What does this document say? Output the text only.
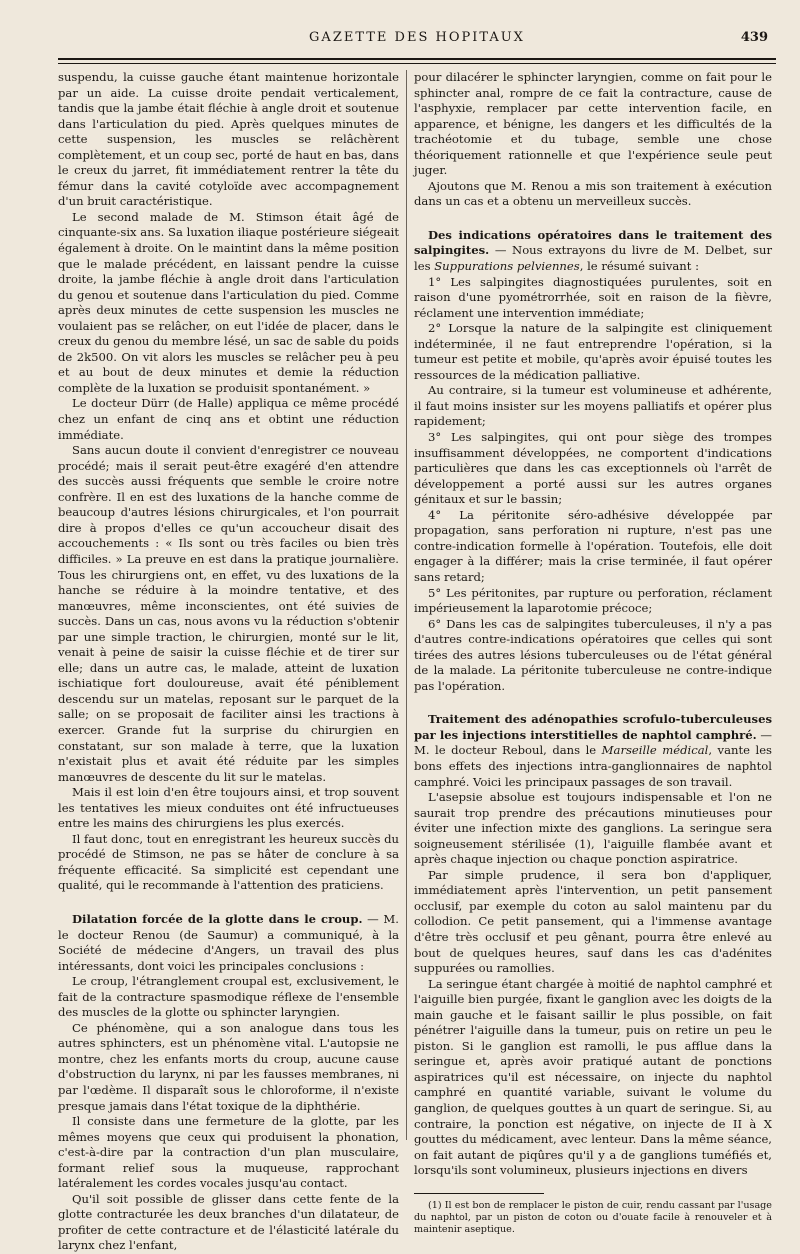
GAZETTE DES HOPITAUX	439

suspendu, la cuisse gauche étant maintenue horizontale par un aide. La cuisse droite pendait verticalement, tandis que la jambe était fléchie à angle droit et soutenue dans l'articulation du pied. Après quelques minutes de cette suspension, les muscles se relâchèrent complètement, et un coup sec, porté de haut en bas, dans le creux du jarret, fit immédiatement rentrer la tête du fémur dans la cavité cotyloïde avec accompagnement d'un bruit caractéristique.

Le second malade de M. Stimson était âgé de cinquante-six ans. Sa luxation iliaque postérieure siégeait également à droite. On le maintint dans la même position que le malade précédent, en laissant pendre la cuisse droite, la jambe fléchie à angle droit dans l'articulation du genou et soutenue dans l'articulation du pied. Comme après deux minutes de cette suspension les muscles ne voulaient pas se relâcher, on eut l'idée de placer, dans le creux du genou du membre lésé, un sac de sable du poids de 2k500. On vit alors les muscles se relâcher peu à peu et au bout de deux minutes et demie la réduction complète de la luxation se produisit spontanément. »

Le docteur Dürr (de Halle) appliqua ce même procédé chez un enfant de cinq ans et obtint une réduction immédiate.

Sans aucun doute il convient d'enregistrer ce nouveau procédé; mais il serait peut-être exagéré d'en attendre des succès aussi fréquents que semble le croire notre confrère. Il en est des luxations de la hanche comme de beaucoup d'autres lésions chirurgicales, et l'on pourrait dire à propos d'elles ce qu'un accoucheur disait des accouchements : « Ils sont ou très faciles ou bien très difficiles. » La preuve en est dans la pratique journalière. Tous les chirurgiens ont, en effet, vu des luxations de la hanche se réduire à la moindre tentative, et des manœuvres, même inconscientes, ont été suivies de succès. Dans un cas, nous avons vu la réduction s'obtenir par une simple traction, le chirurgien, monté sur le lit, venait à peine de saisir la cuisse fléchie et de tirer sur elle; dans un autre cas, le malade, atteint de luxation ischiatique fort douloureuse, avait été péniblement descendu sur un matelas, reposant sur le parquet de la salle; on se proposait de faciliter ainsi les tractions à exercer. Grande fut la surprise du chirurgien en constatant, sur son malade à terre, que la luxation n'existait plus et avait été réduite par les simples manœuvres de descente du lit sur le matelas.

Mais il est loin d'en être toujours ainsi, et trop souvent les tentatives les mieux conduites ont été infructueuses entre les mains des chirurgiens les plus exercés.

Il faut donc, tout en enregistrant les heureux succès du procédé de Stimson, ne pas se hâter de conclure à sa fréquente efficacité. Sa simplicité est cependant une qualité, qui le recommande à l'attention des praticiens.

Dilatation forcée de la glotte dans le croup. — M. le docteur Renou (de Saumur) a communiqué, à la Société de médecine d'Angers, un travail des plus intéressants, dont voici les principales conclusions :

Le croup, l'étranglement croupal est, exclusivement, le fait de la contracture spasmodique réflexe de l'ensemble des muscles de la glotte ou sphincter laryngien.

Ce phénomène, qui a son analogue dans tous les autres sphincters, est un phénomène vital. L'autopsie ne montre, chez les enfants morts du croup, aucune cause d'obstruction du larynx, ni par les fausses membranes, ni par l'œdème. Il disparaît sous le chloroforme, il n'existe presque jamais dans l'état toxique de la diphthérie.

Il consiste dans une fermeture de la glotte, par les mêmes moyens que ceux qui produisent la phonation, c'est-à-dire par la contraction d'un plan musculaire, formant relief sous la muqueuse, rapprochant latéralement les cordes vocales jusqu'au contact.

Qu'il soit possible de glisser dans cette fente de la glotte contracturée les deux branches d'un dilatateur, de profiter de cette contracture et de l'élasticité latérale du larynx chez l'enfant,

pour dilacérer le sphincter laryngien, comme on fait pour le sphincter anal, rompre de ce fait la contracture, cause de l'asphyxie, remplacer par cette intervention facile, en apparence, et bénigne, les dangers et les difficultés de la trachéotomie et du tubage, semble une chose théoriquement rationnelle et que l'expérience seule peut juger.

Ajoutons que M. Renou a mis son traitement à exécution dans un cas et a obtenu un merveilleux succès.

Des indications opératoires dans le traitement des salpingites. — Nous extrayons du livre de M. Delbet, sur les Suppurations pelviennes, le résumé suivant :

1° Les salpingites diagnostiquées purulentes, soit en raison d'une pyométrorrhée, soit en raison de la fièvre, réclament une intervention immédiate;

2° Lorsque la nature de la salpingite est cliniquement indéterminée, il ne faut entreprendre l'opération, si la tumeur est petite et mobile, qu'après avoir épuisé toutes les ressources de la médication palliative.

Au contraire, si la tumeur est volumineuse et adhérente, il faut moins insister sur les moyens palliatifs et opérer plus rapidement;

3° Les salpingites, qui ont pour siège des trompes insuffisamment développées, ne comportent d'indications particulières que dans les cas exceptionnels où l'arrêt de développement a porté aussi sur les autres organes génitaux et sur le bassin;

4° La péritonite séro-adhésive développée par propagation, sans perforation ni rupture, n'est pas une contre-indication formelle à l'opération. Toutefois, elle doit engager à la différer; mais la crise terminée, il faut opérer sans retard;

5° Les péritonites, par rupture ou perforation, réclament impérieusement la laparotomie précoce;

6° Dans les cas de salpingites tuberculeuses, il n'y a pas d'autres contre-indications opératoires que celles qui sont tirées des autres lésions tuberculeuses ou de l'état général de la malade. La péritonite tuberculeuse ne contre-indique pas l'opération.

Traitement des adénopathies scrofulo-tuberculeuses par les injections interstitielles de naphtol camphré. — M. le docteur Reboul, dans le Marseille médical, vante les bons effets des injections intra-ganglionnaires de naphtol camphré. Voici les principaux passages de son travail.

L'asepsie absolue est toujours indispensable et l'on ne saurait trop prendre des précautions minutieuses pour éviter une infection mixte des ganglions. La seringue sera soigneusement stérilisée (1), l'aiguille flambée avant et après chaque injection ou chaque ponction aspiratrice.

Par simple prudence, il sera bon d'appliquer, immédiatement après l'intervention, un petit pansement occlusif, par exemple du coton au salol maintenu par du collodion. Ce petit pansement, qui a l'immense avantage d'être très occlusif et peu gênant, pourra être enlevé au bout de quelques heures, sauf dans les cas d'adénites suppurées ou ramollies.

La seringue étant chargée à moitié de naphtol camphré et l'aiguille bien purgée, fixant le ganglion avec les doigts de la main gauche et le faisant saillir le plus possible, on fait pénétrer l'aiguille dans la tumeur, puis on retire un peu le piston. Si le ganglion est ramolli, le pus afflue dans la seringue et, après avoir pratiqué autant de ponctions aspiratrices qu'il est nécessaire, on injecte du naphtol camphré en quantité variable, suivant le volume du ganglion, de quelques gouttes à un quart de seringue. Si, au contraire, la ponction est négative, on injecte de II à X gouttes du médicament, avec lenteur. Dans la même séance, on fait autant de piqûres qu'il y a de ganglions tuméfiés et, lorsqu'ils sont volumineux, plusieurs injections en divers

(1) Il est bon de remplacer le piston de cuir, rendu cassant par l'usage du naphtol, par un piston de coton ou d'ouate facile à renouveler et à maintenir aseptique.
